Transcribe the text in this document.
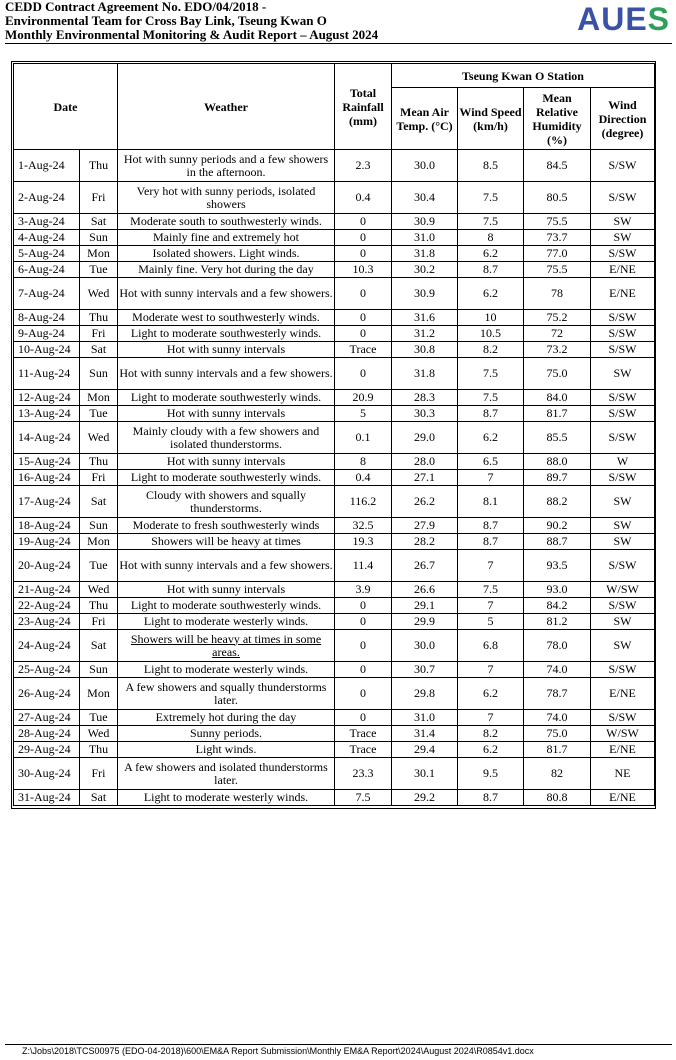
CEDD Contract Agreement No. EDO/04/2018 -
Environmental Team for Cross Bay Link, Tseung Kwan O
Monthly Environmental Monitoring & Audit Report – August 2024	AUES
Date		Weather	Total Rainfall (mm)	Tseung Kwan O Station			
				Mean Air Temp. (°C)	Wind Speed (km/h)	Mean Relative Humidity (%)	Wind Direction (degree)
1-Aug-24	Thu	Hot with sunny periods and a few showers in the afternoon.	2.3	30.0	8.5	84.5	S/SW
2-Aug-24	Fri	Very hot with sunny periods, isolated showers	0.4	30.4	7.5	80.5	S/SW
3-Aug-24	Sat	Moderate south to southwesterly winds.	0	30.9	7.5	75.5	SW
4-Aug-24	Sun	Mainly fine and extremely hot	0	31.0	8	73.7	SW
5-Aug-24	Mon	Isolated showers. Light winds.	0	31.8	6.2	77.0	S/SW
6-Aug-24	Tue	Mainly fine. Very hot during the day	10.3	30.2	8.7	75.5	E/NE
7-Aug-24	Wed	Hot with sunny intervals and a few showers.	0	30.9	6.2	78	E/NE
8-Aug-24	Thu	Moderate west to southwesterly winds.	0	31.6	10	75.2	S/SW
9-Aug-24	Fri	Light to moderate southwesterly winds.	0	31.2	10.5	72	S/SW
10-Aug-24	Sat	Hot with sunny intervals	Trace	30.8	8.2	73.2	S/SW
11-Aug-24	Sun	Hot with sunny intervals and a few showers.	0	31.8	7.5	75.0	SW
12-Aug-24	Mon	Light to moderate southwesterly winds.	20.9	28.3	7.5	84.0	S/SW
13-Aug-24	Tue	Hot with sunny intervals	5	30.3	8.7	81.7	S/SW
14-Aug-24	Wed	Mainly cloudy with a few showers and isolated thunderstorms.	0.1	29.0	6.2	85.5	S/SW
15-Aug-24	Thu	Hot with sunny intervals	8	28.0	6.5	88.0	W
16-Aug-24	Fri	Light to moderate southwesterly winds.	0.4	27.1	7	89.7	S/SW
17-Aug-24	Sat	Cloudy with showers and squally thunderstorms.	116.2	26.2	8.1	88.2	SW
18-Aug-24	Sun	Moderate to fresh southwesterly winds	32.5	27.9	8.7	90.2	SW
19-Aug-24	Mon	Showers will be heavy at times	19.3	28.2	8.7	88.7	SW
20-Aug-24	Tue	Hot with sunny intervals and a few showers.	11.4	26.7	7	93.5	S/SW
21-Aug-24	Wed	Hot with sunny intervals	3.9	26.6	7.5	93.0	W/SW
22-Aug-24	Thu	Light to moderate southwesterly winds.	0	29.1	7	84.2	S/SW
23-Aug-24	Fri	Light to moderate westerly winds.	0	29.9	5	81.2	SW
24-Aug-24	Sat	Showers will be heavy at times in some areas.	0	30.0	6.8	78.0	SW
25-Aug-24	Sun	Light to moderate westerly winds.	0	30.7	7	74.0	S/SW
26-Aug-24	Mon	A few showers and squally thunderstorms later.	0	29.8	6.2	78.7	E/NE
27-Aug-24	Tue	Extremely hot during the day	0	31.0	7	74.0	S/SW
28-Aug-24	Wed	Sunny periods.	Trace	31.4	8.2	75.0	W/SW
29-Aug-24	Thu	Light winds.	Trace	29.4	6.2	81.7	E/NE
30-Aug-24	Fri	A few showers and isolated thunderstorms later.	23.3	30.1	9.5	82	NE
31-Aug-24	Sat	Light to moderate westerly winds.	7.5	29.2	8.7	80.8	E/NE
Z:\Jobs\2018\TCS00975 (EDO-04-2018)\600\EM&A Report Submission\Monthly EM&A Report\2024\August 2024\R0854v1.docx
